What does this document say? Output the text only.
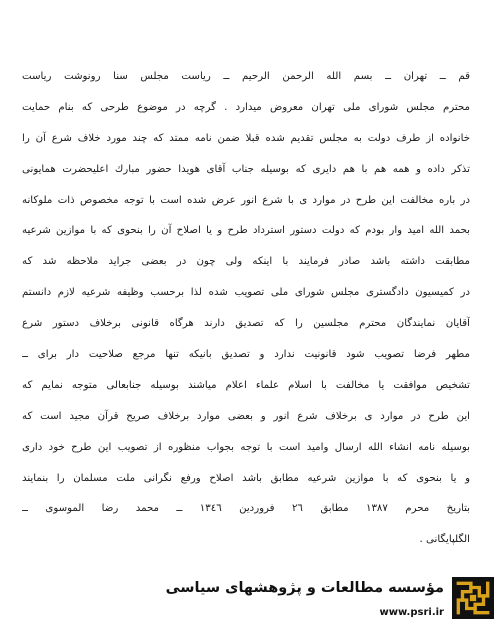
قم ــ تهران ــ بسم الله الرحمن الرحيم ــ رياست مجلس سنا رونوشت رياست
محترم مجلس شوراى ملى تهران معروض ميدارد . گرچه در موضوع طرحى كه بنام حمايت
خانواده از طرف دولت به مجلس تقديم شده قبلا ضمن نامه ممتد كه چند مورد خلاف شرع آن را
تذكر داده و همه هم با هم دايرى كه بوسيله جناب آقاى هويدا حضور مبارك اعليحضرت همايونى
در باره مخالفت اين طرح در موارد ى با شرع انور عرض شده است با توجه مخصوص ذات ملوكانه
بحمد الله اميد وار بودم كه دولت دستور استرداد طرح و يا اصلاح آن را بنحوى كه با موازين شرعيه
مطابقت داشته باشد صادر فرمايند با اينكه ولى چون در بعضى جرايد ملاحظه شد كه
در كميسيون دادگسترى مجلس شوراى ملى تصويب شده لذا برحسب وظيفه شرعيه لازم دانستم
آقايان نمايندگان محترم مجلسين را كه تصديق دارند هرگاه قانونى برخلاف دستور شرع
مطهر فرضا تصويب شود قانونيت ندارد و تصديق بانيكه تنها مرجع صلاحيت دار براى ــ
تشخيص موافقت يا مخالفت با اسلام علماء اعلام مياشند بوسيله جنابعالى متوجه نمايم كه
اين طرح در موارد ى برخلاف شرع انور و بعضى موارد برخلاف صريح قرآن مجيد است كه
بوسيله نامه انشاء الله ارسال واميد است با توجه بجواب منظوره از تصويب اين طرح خود دارى
و يا بنحوى كه با موازين شرعيه مطابق باشد اصلاح ورفع نگرانى ملت مسلمان را بنمايند
بتاريخ محرم ١٣٨٧ مطابق ٢٦ فروردين ١٣٤٦ ــ محمد رضا الموسوى ــ
الگلپايگانى .
مؤسسه مطالعات و پژوهشهای سیاسی
www.psri.ir
